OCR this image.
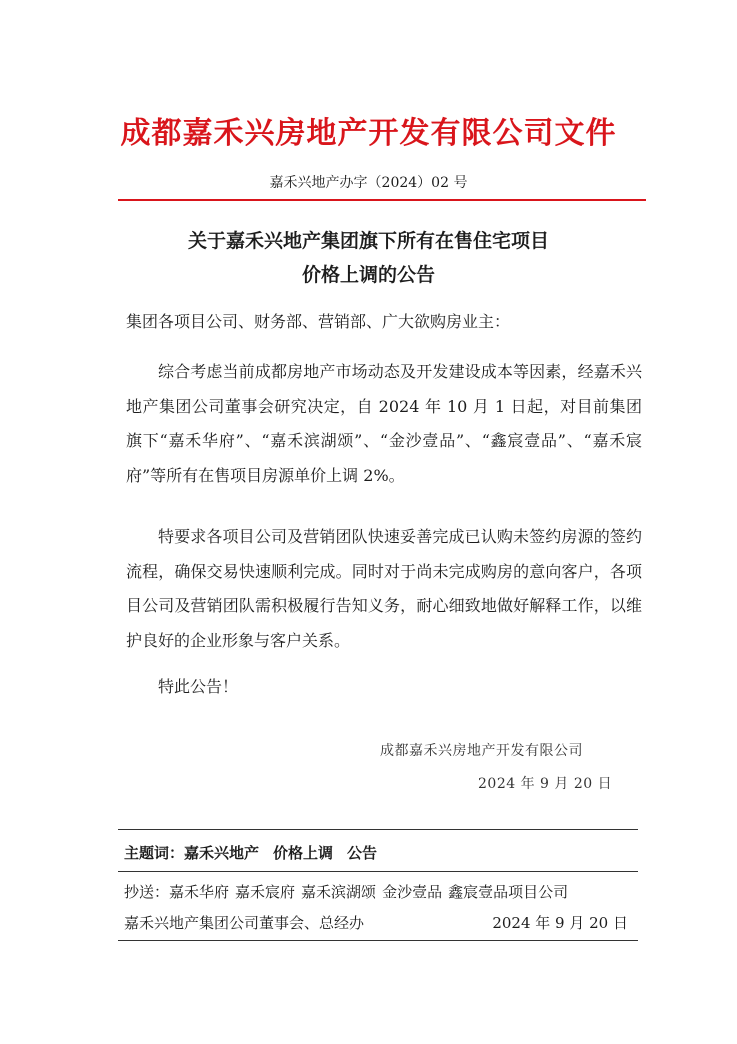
成都嘉禾兴房地产开发有限公司文件
嘉禾兴地产办字（2024）02 号
关于嘉禾兴地产集团旗下所有在售住宅项目
价格上调的公告
集团各项目公司、财务部、营销部、广大欲购房业主：

综合考虑当前成都房地产市场动态及开发建设成本等因素，经嘉禾兴地产集团公司董事会研究决定，自 2024 年 10 月 1 日起，对目前集团旗下“嘉禾华府”、“嘉禾滨湖颂”、“金沙壹品”、“鑫宸壹品”、“嘉禾宸府”等所有在售项目房源单价上调 2%。

特要求各项目公司及营销团队快速妥善完成已认购未签约房源的签约流程，确保交易快速顺利完成。同时对于尚未完成购房的意向客户，各项目公司及营销团队需积极履行告知义务，耐心细致地做好解释工作，以维护良好的企业形象与客户关系。

特此公告！
成都嘉禾兴房地产开发有限公司
2024 年 9 月 20 日
主题词：嘉禾兴地产 价格上调 公告
抄送：嘉禾华府 嘉禾宸府 嘉禾滨湖颂 金沙壹品 鑫宸壹品项目公司
嘉禾兴地产集团公司董事会、总经办	2024 年 9 月 20 日
